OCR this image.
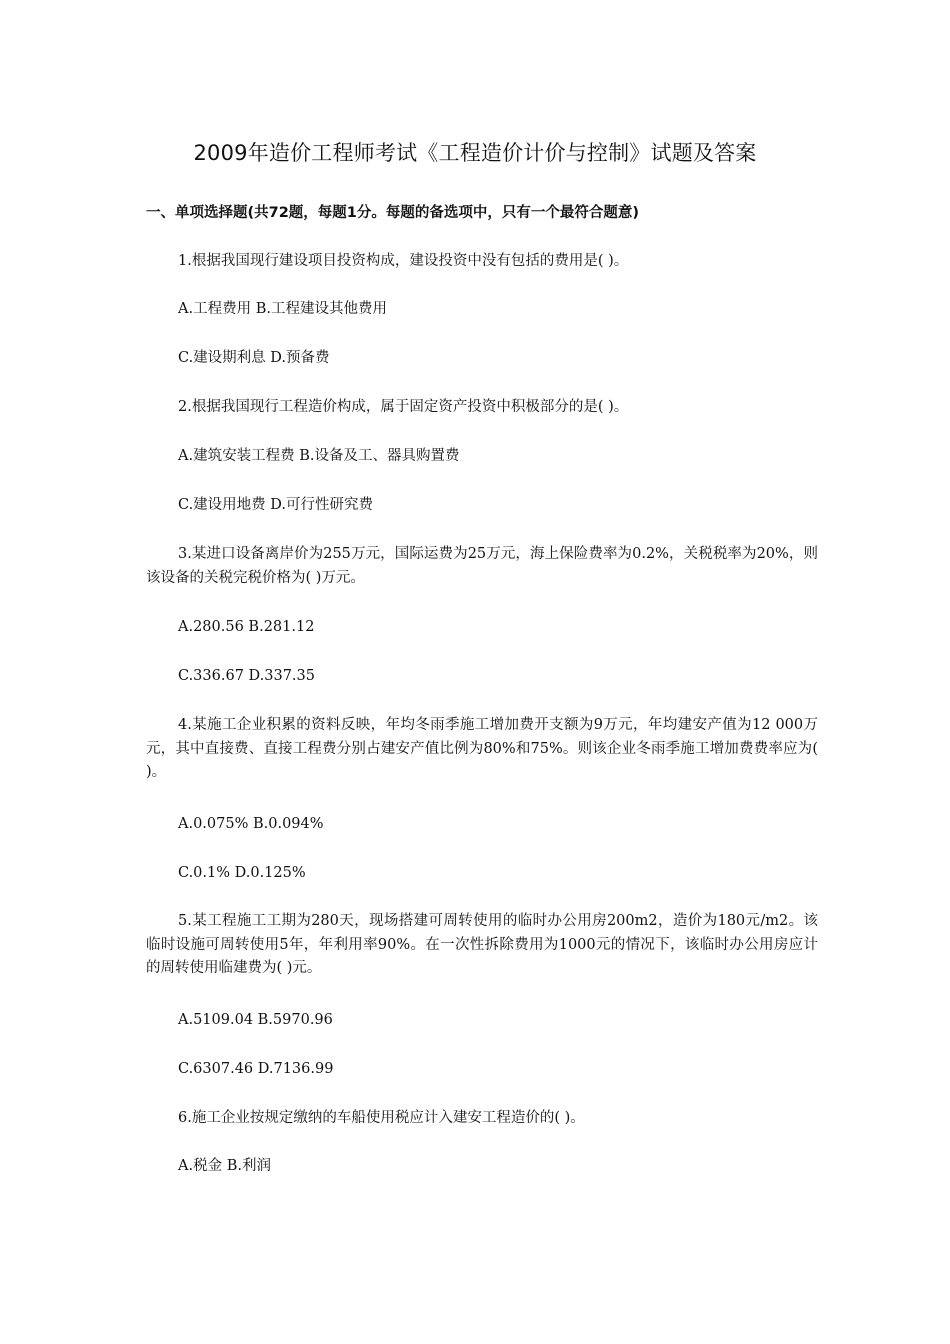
2009年造价工程师考试《工程造价计价与控制》试题及答案
一、单项选择题(共72题，每题1分。每题的备选项中，只有一个最符合题意)
1.根据我国现行建设项目投资构成，建设投资中没有包括的费用是( )。
A.工程费用 B.工程建设其他费用
C.建设期利息 D.预备费
2.根据我国现行工程造价构成，属于固定资产投资中积极部分的是( )。
A.建筑安装工程费 B.设备及工、器具购置费
C.建设用地费 D.可行性研究费
3.某进口设备离岸价为255万元，国际运费为25万元，海上保险费率为0.2%，关税税率为20%，则该设备的关税完税价格为( )万元。
A.280.56 B.281.12
C.336.67 D.337.35
4.某施工企业积累的资料反映，年均冬雨季施工增加费开支额为9万元，年均建安产值为12 000万元，其中直接费、直接工程费分别占建安产值比例为80%和75%。则该企业冬雨季施工增加费费率应为( )。
A.0.075% B.0.094%
C.0.1% D.0.125%
5.某工程施工工期为280天，现场搭建可周转使用的临时办公用房200m2，造价为180元/m2。该临时设施可周转使用5年，年利用率90%。在一次性拆除费用为1000元的情况下，该临时办公用房应计的周转使用临建费为( )元。
A.5109.04 B.5970.96
C.6307.46 D.7136.99
6.施工企业按规定缴纳的车船使用税应计入建安工程造价的( )。
A.税金 B.利润
